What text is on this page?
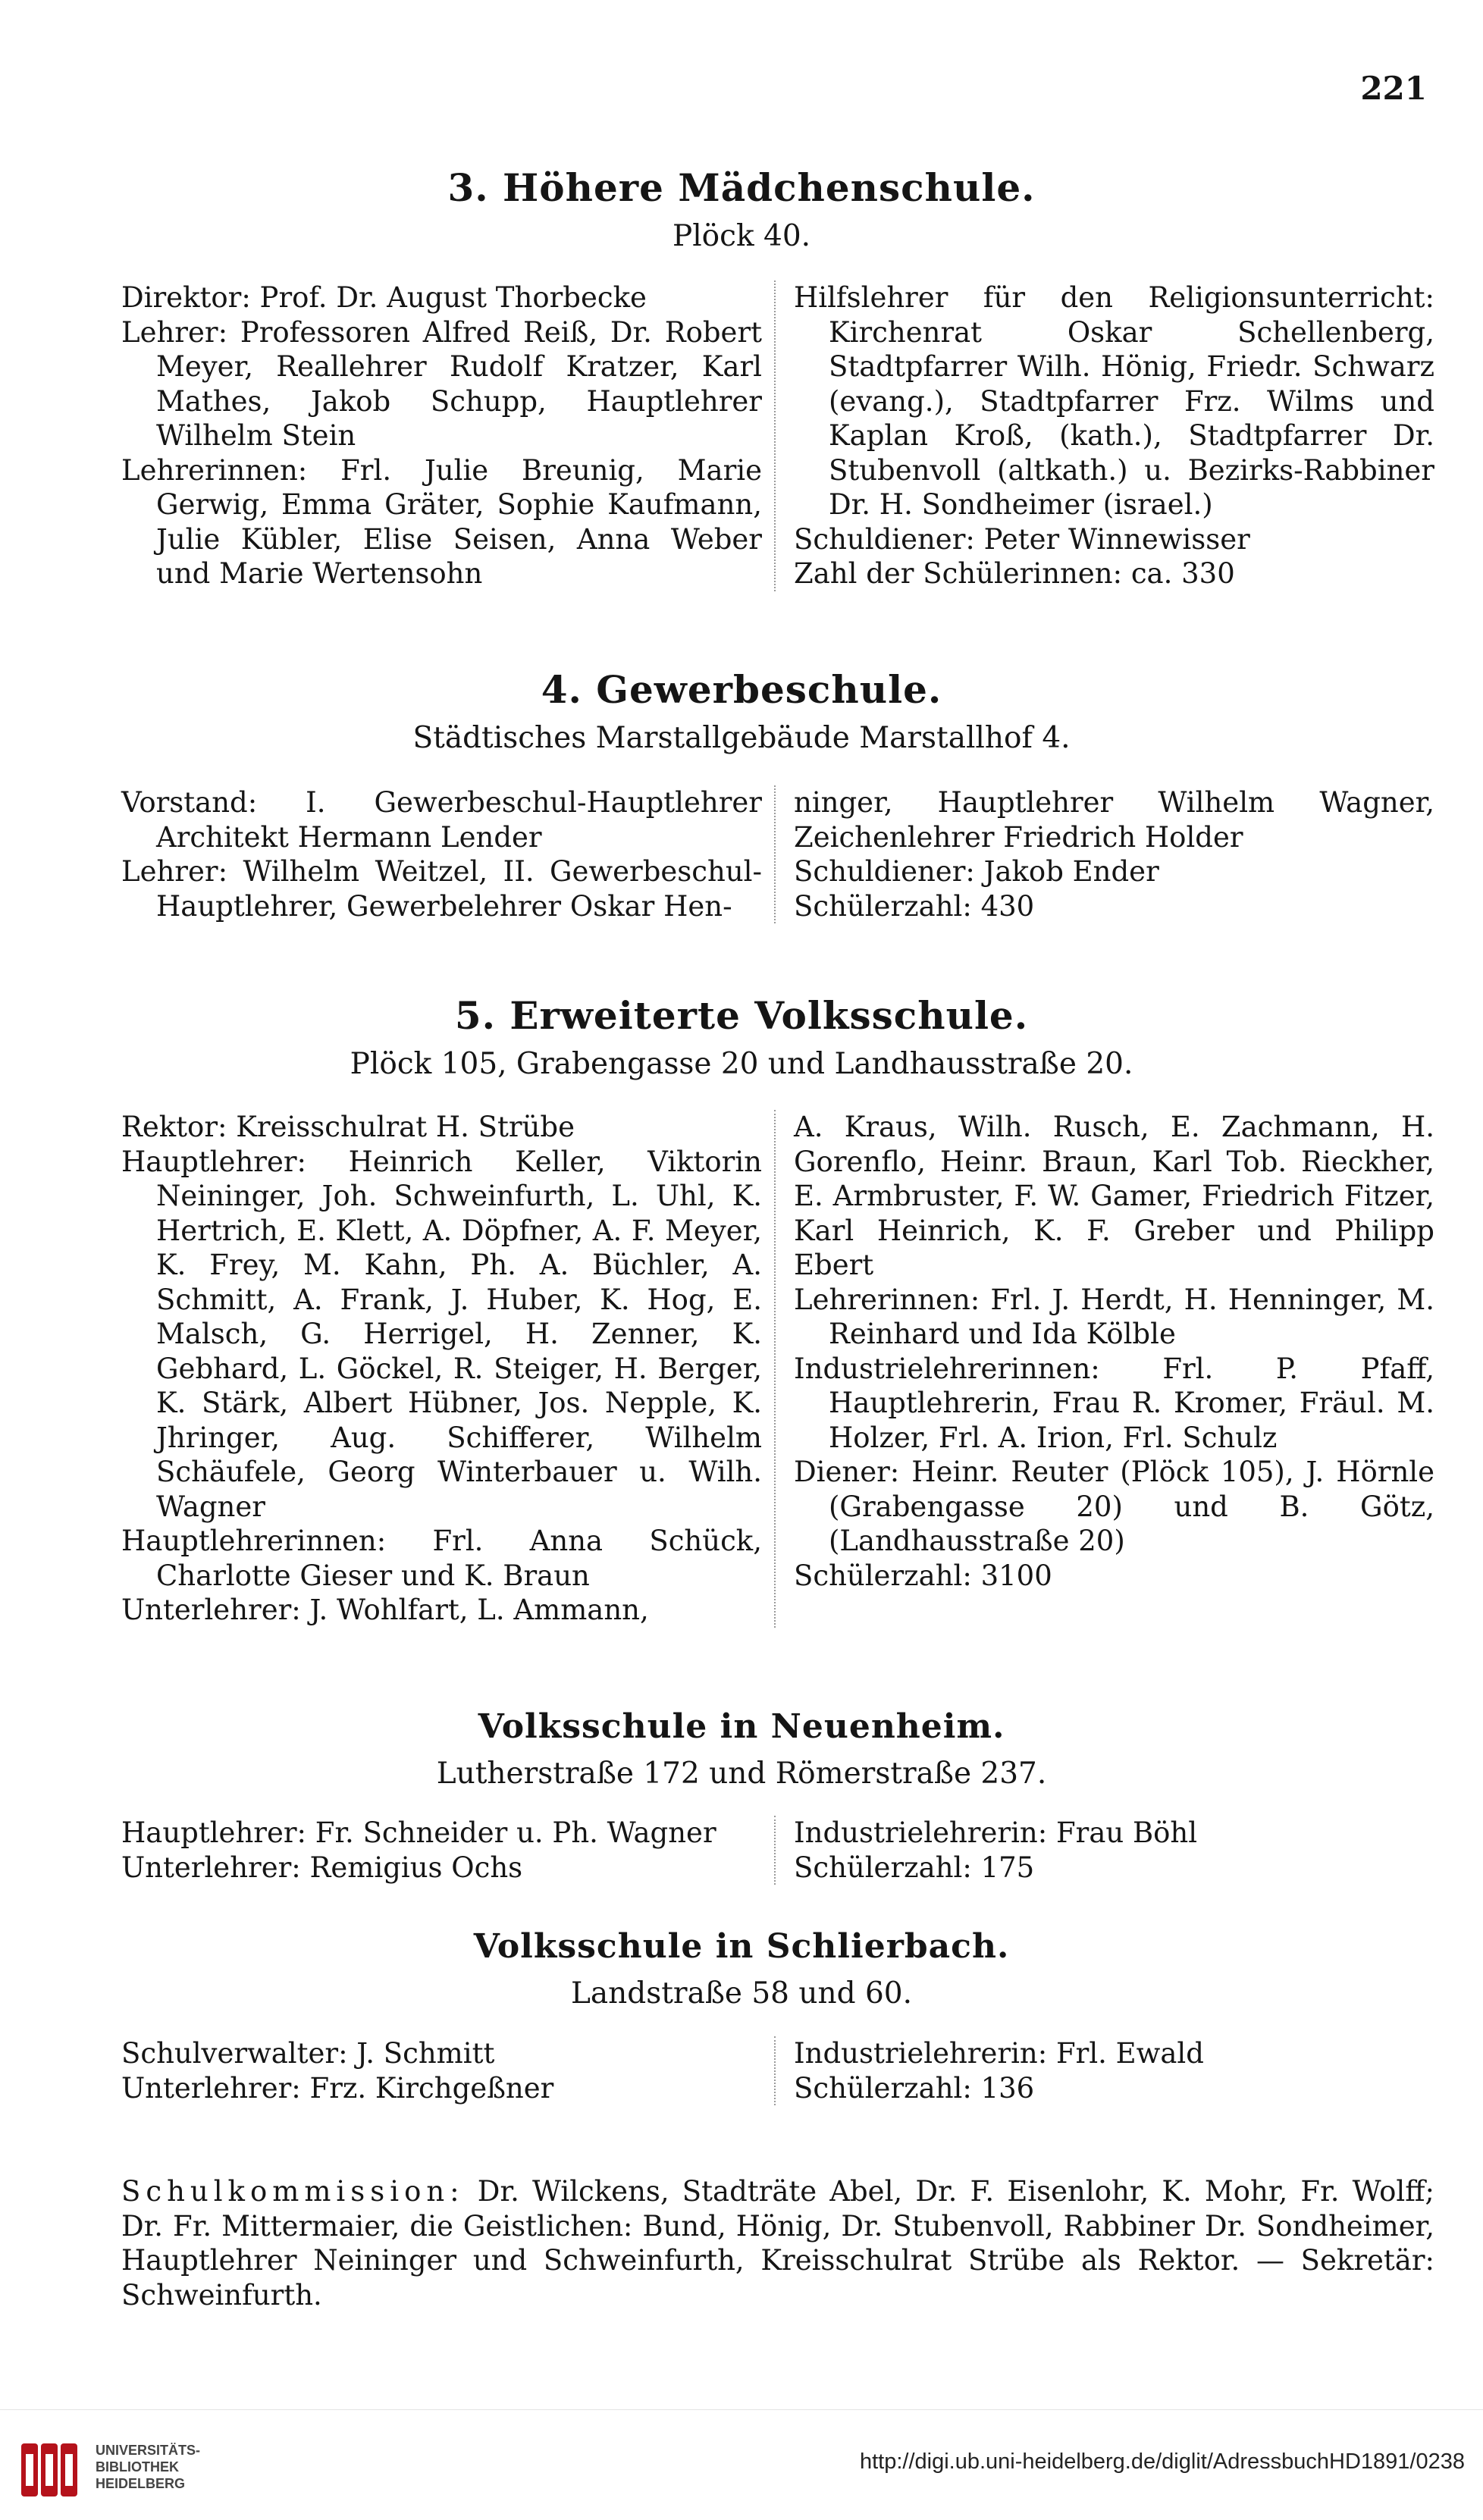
221
3. Höhere Mädchenschule.
Plöck 40.

Direktor: Prof. Dr. August Thorbecke

Lehrer: Professoren Alfred Reiß, Dr. Robert Meyer, Reallehrer Rudolf Kratzer, Karl Mathes, Jakob Schupp, Hauptlehrer Wilhelm Stein

Lehrerinnen: Frl. Julie Breunig, Marie Gerwig, Emma Gräter, Sophie Kaufmann, Julie Kübler, Elise Seisen, Anna Weber und Marie Wertensohn

Hilfslehrer für den Religionsunterricht: Kirchenrat Oskar Schellenberg, Stadtpfarrer Wilh. Hönig, Friedr. Schwarz (evang.), Stadtpfarrer Frz. Wilms und Kaplan Kroß, (kath.), Stadtpfarrer Dr. Stubenvoll (altkath.) u. Bezirks-Rabbiner Dr. H. Sondheimer (israel.)

Schuldiener: Peter Winnewisser

Zahl der Schülerinnen: ca. 330

4. Gewerbeschule.
Städtisches Marstallgebäude Marstallhof 4.

Vorstand: I. Gewerbeschul-Hauptlehrer Architekt Hermann Lender

Lehrer: Wilhelm Weitzel, II. Gewerbeschul-Hauptlehrer, Gewerbelehrer Oskar Hen-

ninger, Hauptlehrer Wilhelm Wagner, Zeichenlehrer Friedrich Holder

Schuldiener: Jakob Ender

Schülerzahl: 430

5. Erweiterte Volksschule.
Plöck 105, Grabengasse 20 und Landhausstraße 20.

Rektor: Kreisschulrat H. Strübe

Hauptlehrer: Heinrich Keller, Viktorin Neininger, Joh. Schweinfurth, L. Uhl, K. Hertrich, E. Klett, A. Döpfner, A. F. Meyer, K. Frey, M. Kahn, Ph. A. Büchler, A. Schmitt, A. Frank, J. Huber, K. Hog, E. Malsch, G. Herrigel, H. Zenner, K. Gebhard, L. Göckel, R. Steiger, H. Berger, K. Stärk, Albert Hübner, Jos. Nepple, K. Jhringer, Aug. Schifferer, Wilhelm Schäufele, Georg Winterbauer u. Wilh. Wagner

Hauptlehrerinnen: Frl. Anna Schück, Charlotte Gieser und K. Braun

Unterlehrer: J. Wohlfart, L. Ammann,

A. Kraus, Wilh. Rusch, E. Zachmann, H. Gorenflo, Heinr. Braun, Karl Tob. Rieckher, E. Armbruster, F. W. Gamer, Friedrich Fitzer, Karl Heinrich, K. F. Greber und Philipp Ebert

Lehrerinnen: Frl. J. Herdt, H. Henninger, M. Reinhard und Ida Kölble

Industrielehrerinnen: Frl. P. Pfaff, Hauptlehrerin, Frau R. Kromer, Fräul. M. Holzer, Frl. A. Irion, Frl. Schulz

Diener: Heinr. Reuter (Plöck 105), J. Hörnle (Grabengasse 20) und B. Götz, (Landhausstraße 20)

Schülerzahl: 3100

Volksschule in Neuenheim.
Lutherstraße 172 und Römerstraße 237.

Hauptlehrer: Fr. Schneider u. Ph. Wagner

Unterlehrer: Remigius Ochs

Industrielehrerin: Frau Böhl

Schülerzahl: 175

Volksschule in Schlierbach.
Landstraße 58 und 60.

Schulverwalter: J. Schmitt

Unterlehrer: Frz. Kirchgeßner

Industrielehrerin: Frl. Ewald

Schülerzahl: 136

Schulkommission: Dr. Wilckens, Stadträte Abel, Dr. F. Eisenlohr, K. Mohr, Fr. Wolff; Dr. Fr. Mittermaier, die Geistlichen: Bund, Hönig, Dr. Stubenvoll, Rabbiner Dr. Sondheimer, Hauptlehrer Neininger und Schweinfurth, Kreisschulrat Strübe als Rektor. — Sekretär: Schweinfurth.
UNIVERSITÄTS-
BIBLIOTHEK
HEIDELBERG
http://digi.ub.uni-heidelberg.de/diglit/AdressbuchHD1891/0238
